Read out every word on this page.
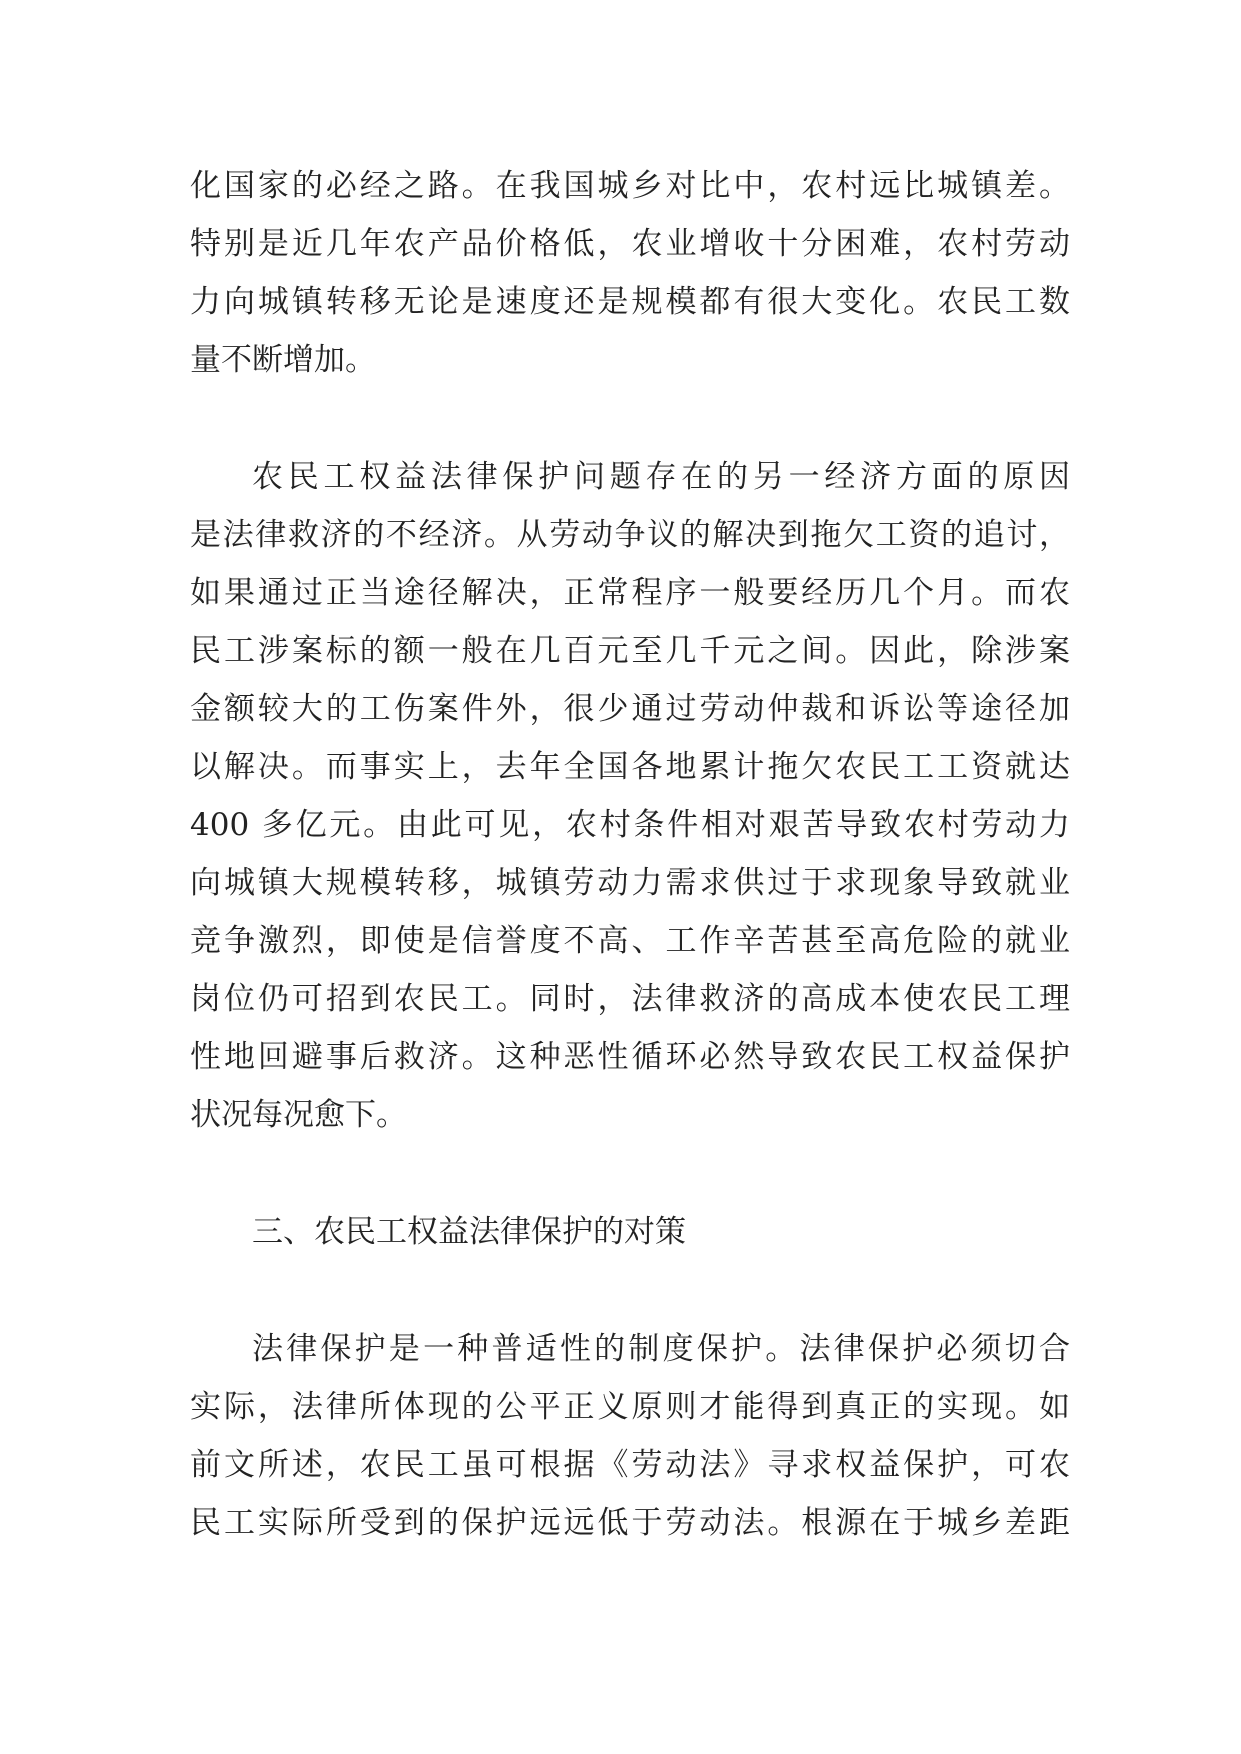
化国家的必经之路。在我国城乡对比中，农村远比城镇差。
特别是近几年农产品价格低，农业增收十分困难，农村劳动
力向城镇转移无论是速度还是规模都有很大变化。农民工数
量不断增加。
农民工权益法律保护问题存在的另一经济方面的原因
是法律救济的不经济。从劳动争议的解决到拖欠工资的追讨，
如果通过正当途径解决，正常程序一般要经历几个月。而农
民工涉案标的额一般在几百元至几千元之间。因此，除涉案
金额较大的工伤案件外，很少通过劳动仲裁和诉讼等途径加
以解决。而事实上，去年全国各地累计拖欠农民工工资就达
400 多亿元。由此可见，农村条件相对艰苦导致农村劳动力
向城镇大规模转移，城镇劳动力需求供过于求现象导致就业
竞争激烈，即使是信誉度不高、工作辛苦甚至高危险的就业
岗位仍可招到农民工。同时，法律救济的高成本使农民工理
性地回避事后救济。这种恶性循环必然导致农民工权益保护
状况每况愈下。
三、农民工权益法律保护的对策
法律保护是一种普适性的制度保护。法律保护必须切合
实际，法律所体现的公平正义原则才能得到真正的实现。如
前文所述，农民工虽可根据《劳动法》寻求权益保护，可农
民工实际所受到的保护远远低于劳动法。根源在于城乡差距
